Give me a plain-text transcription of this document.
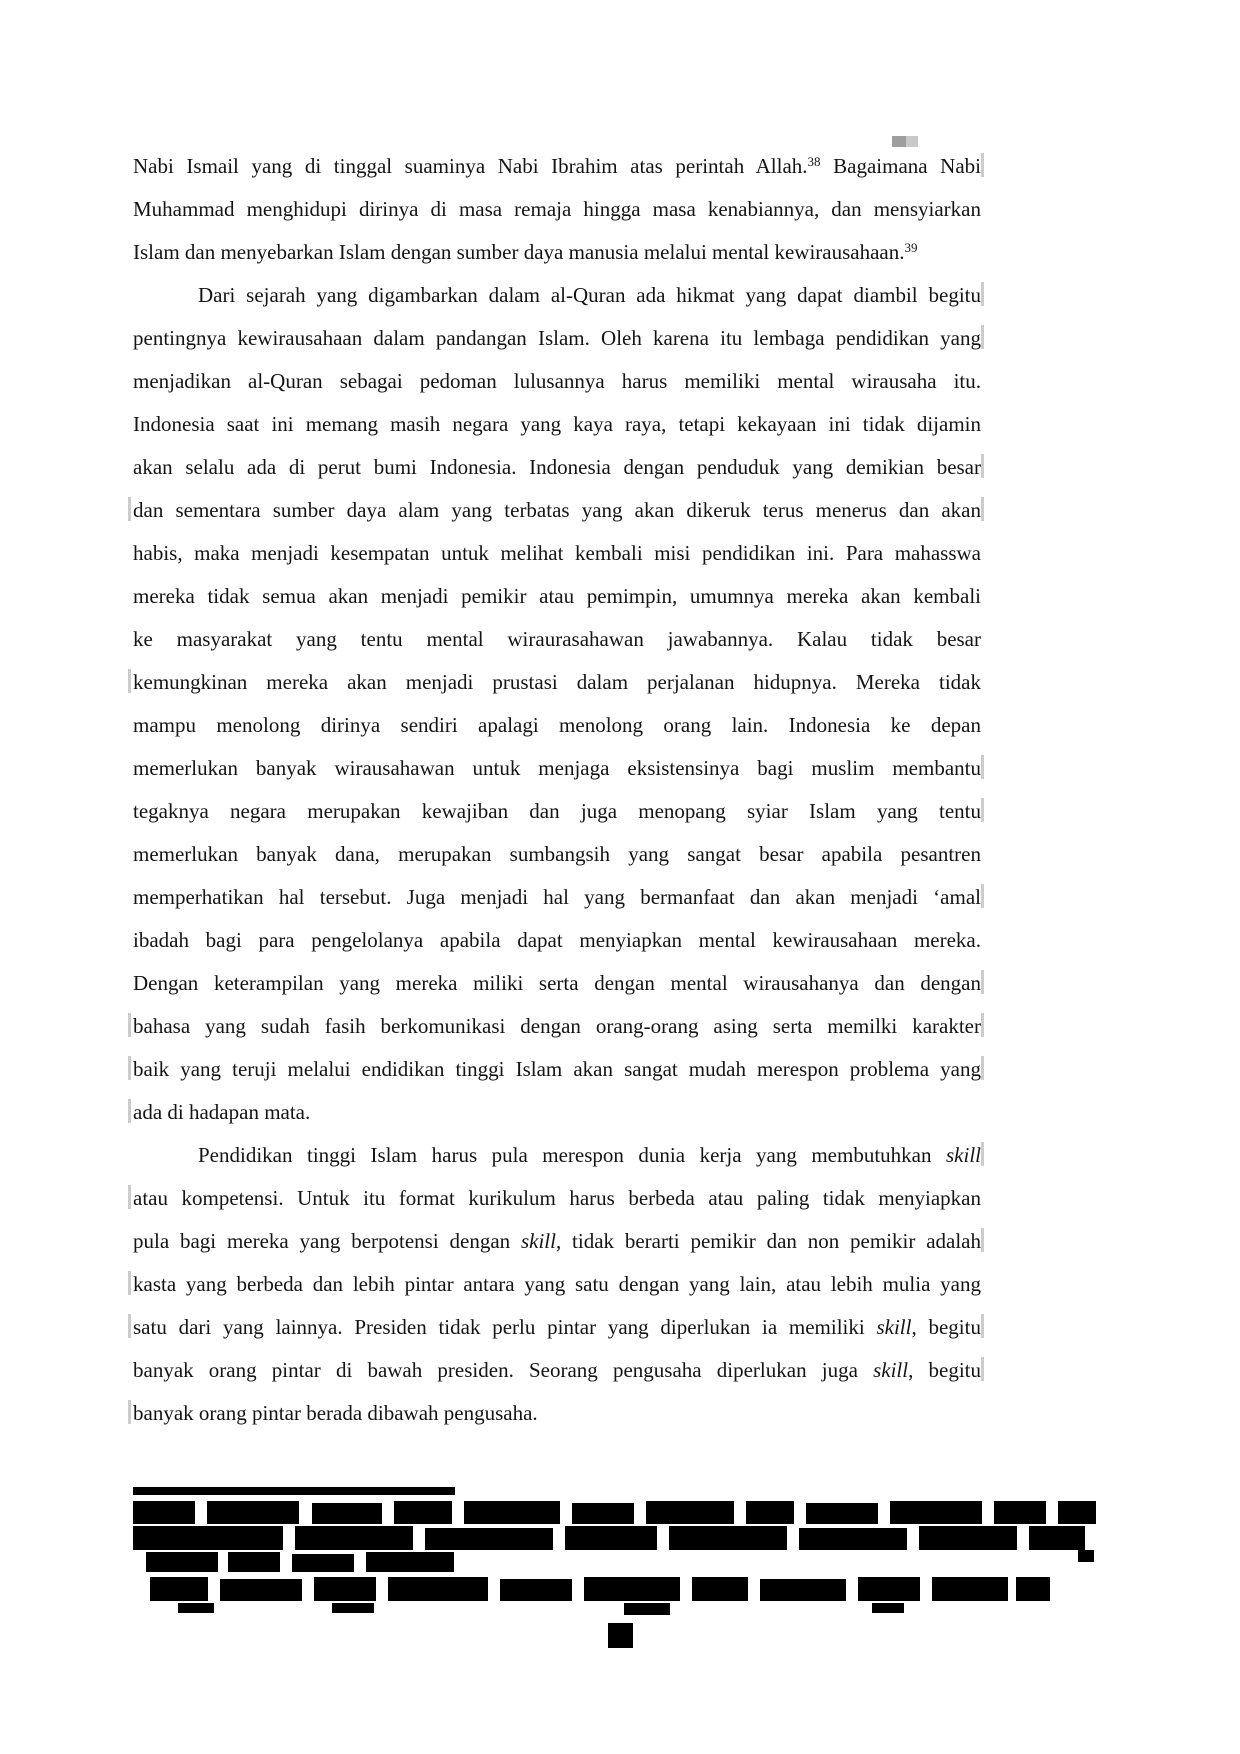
Nabi Ismail yang di tinggal suaminya Nabi Ibrahim atas perintah Allah.$^{38}$ Bagaimana Nabi
Muhammad menghidupi dirinya di masa remaja hingga masa kenabiannya, dan mensyiarkan
Islam dan menyebarkan Islam dengan sumber daya manusia melalui mental kewirausahaan.$^{39}$
Dari sejarah yang digambarkan dalam al-Quran ada hikmat yang dapat diambil begitu
pentingnya kewirausahaan dalam pandangan Islam. Oleh karena itu lembaga pendidikan yang
menjadikan al-Quran sebagai pedoman lulusannya harus memiliki mental wirausaha itu.
Indonesia saat ini memang masih negara yang kaya raya, tetapi kekayaan ini tidak dijamin
akan selalu ada di perut bumi Indonesia. Indonesia dengan penduduk yang demikian besar
dan sementara sumber daya alam yang terbatas yang akan dikeruk terus menerus dan akan
habis, maka menjadi kesempatan untuk melihat kembali misi pendidikan ini. Para mahasswa
mereka tidak semua akan menjadi pemikir atau pemimpin, umumnya mereka akan kembali
ke masyarakat yang tentu mental wiraurasahawan jawabannya. Kalau tidak besar
kemungkinan mereka akan menjadi prustasi dalam perjalanan hidupnya. Mereka tidak
mampu menolong dirinya sendiri apalagi menolong orang lain. Indonesia ke depan
memerlukan banyak wirausahawan untuk menjaga eksistensinya bagi muslim membantu
tegaknya negara merupakan kewajiban dan juga menopang syiar Islam yang tentu
memerlukan banyak dana, merupakan sumbangsih yang sangat besar apabila pesantren
memperhatikan hal tersebut. Juga menjadi hal yang bermanfaat dan akan menjadi ‘amal
ibadah bagi para pengelolanya apabila dapat menyiapkan mental kewirausahaan mereka.
Dengan keterampilan yang mereka miliki serta dengan mental wirausahanya dan dengan
bahasa yang sudah fasih berkomunikasi dengan orang-orang asing serta memilki karakter
baik yang teruji melalui endidikan tinggi Islam akan sangat mudah merespon problema yang
ada di hadapan mata.
Pendidikan tinggi Islam harus pula merespon dunia kerja yang membutuhkan skill
atau kompetensi. Untuk itu format kurikulum harus berbeda atau paling tidak menyiapkan
pula bagi mereka yang berpotensi dengan skill, tidak berarti pemikir dan non pemikir adalah
kasta yang berbeda dan lebih pintar antara yang satu dengan yang lain, atau lebih mulia yang
satu dari yang lainnya. Presiden tidak perlu pintar yang diperlukan ia memiliki skill, begitu
banyak orang pintar di bawah presiden. Seorang pengusaha diperlukan juga skill, begitu
banyak orang pintar berada dibawah pengusaha.
